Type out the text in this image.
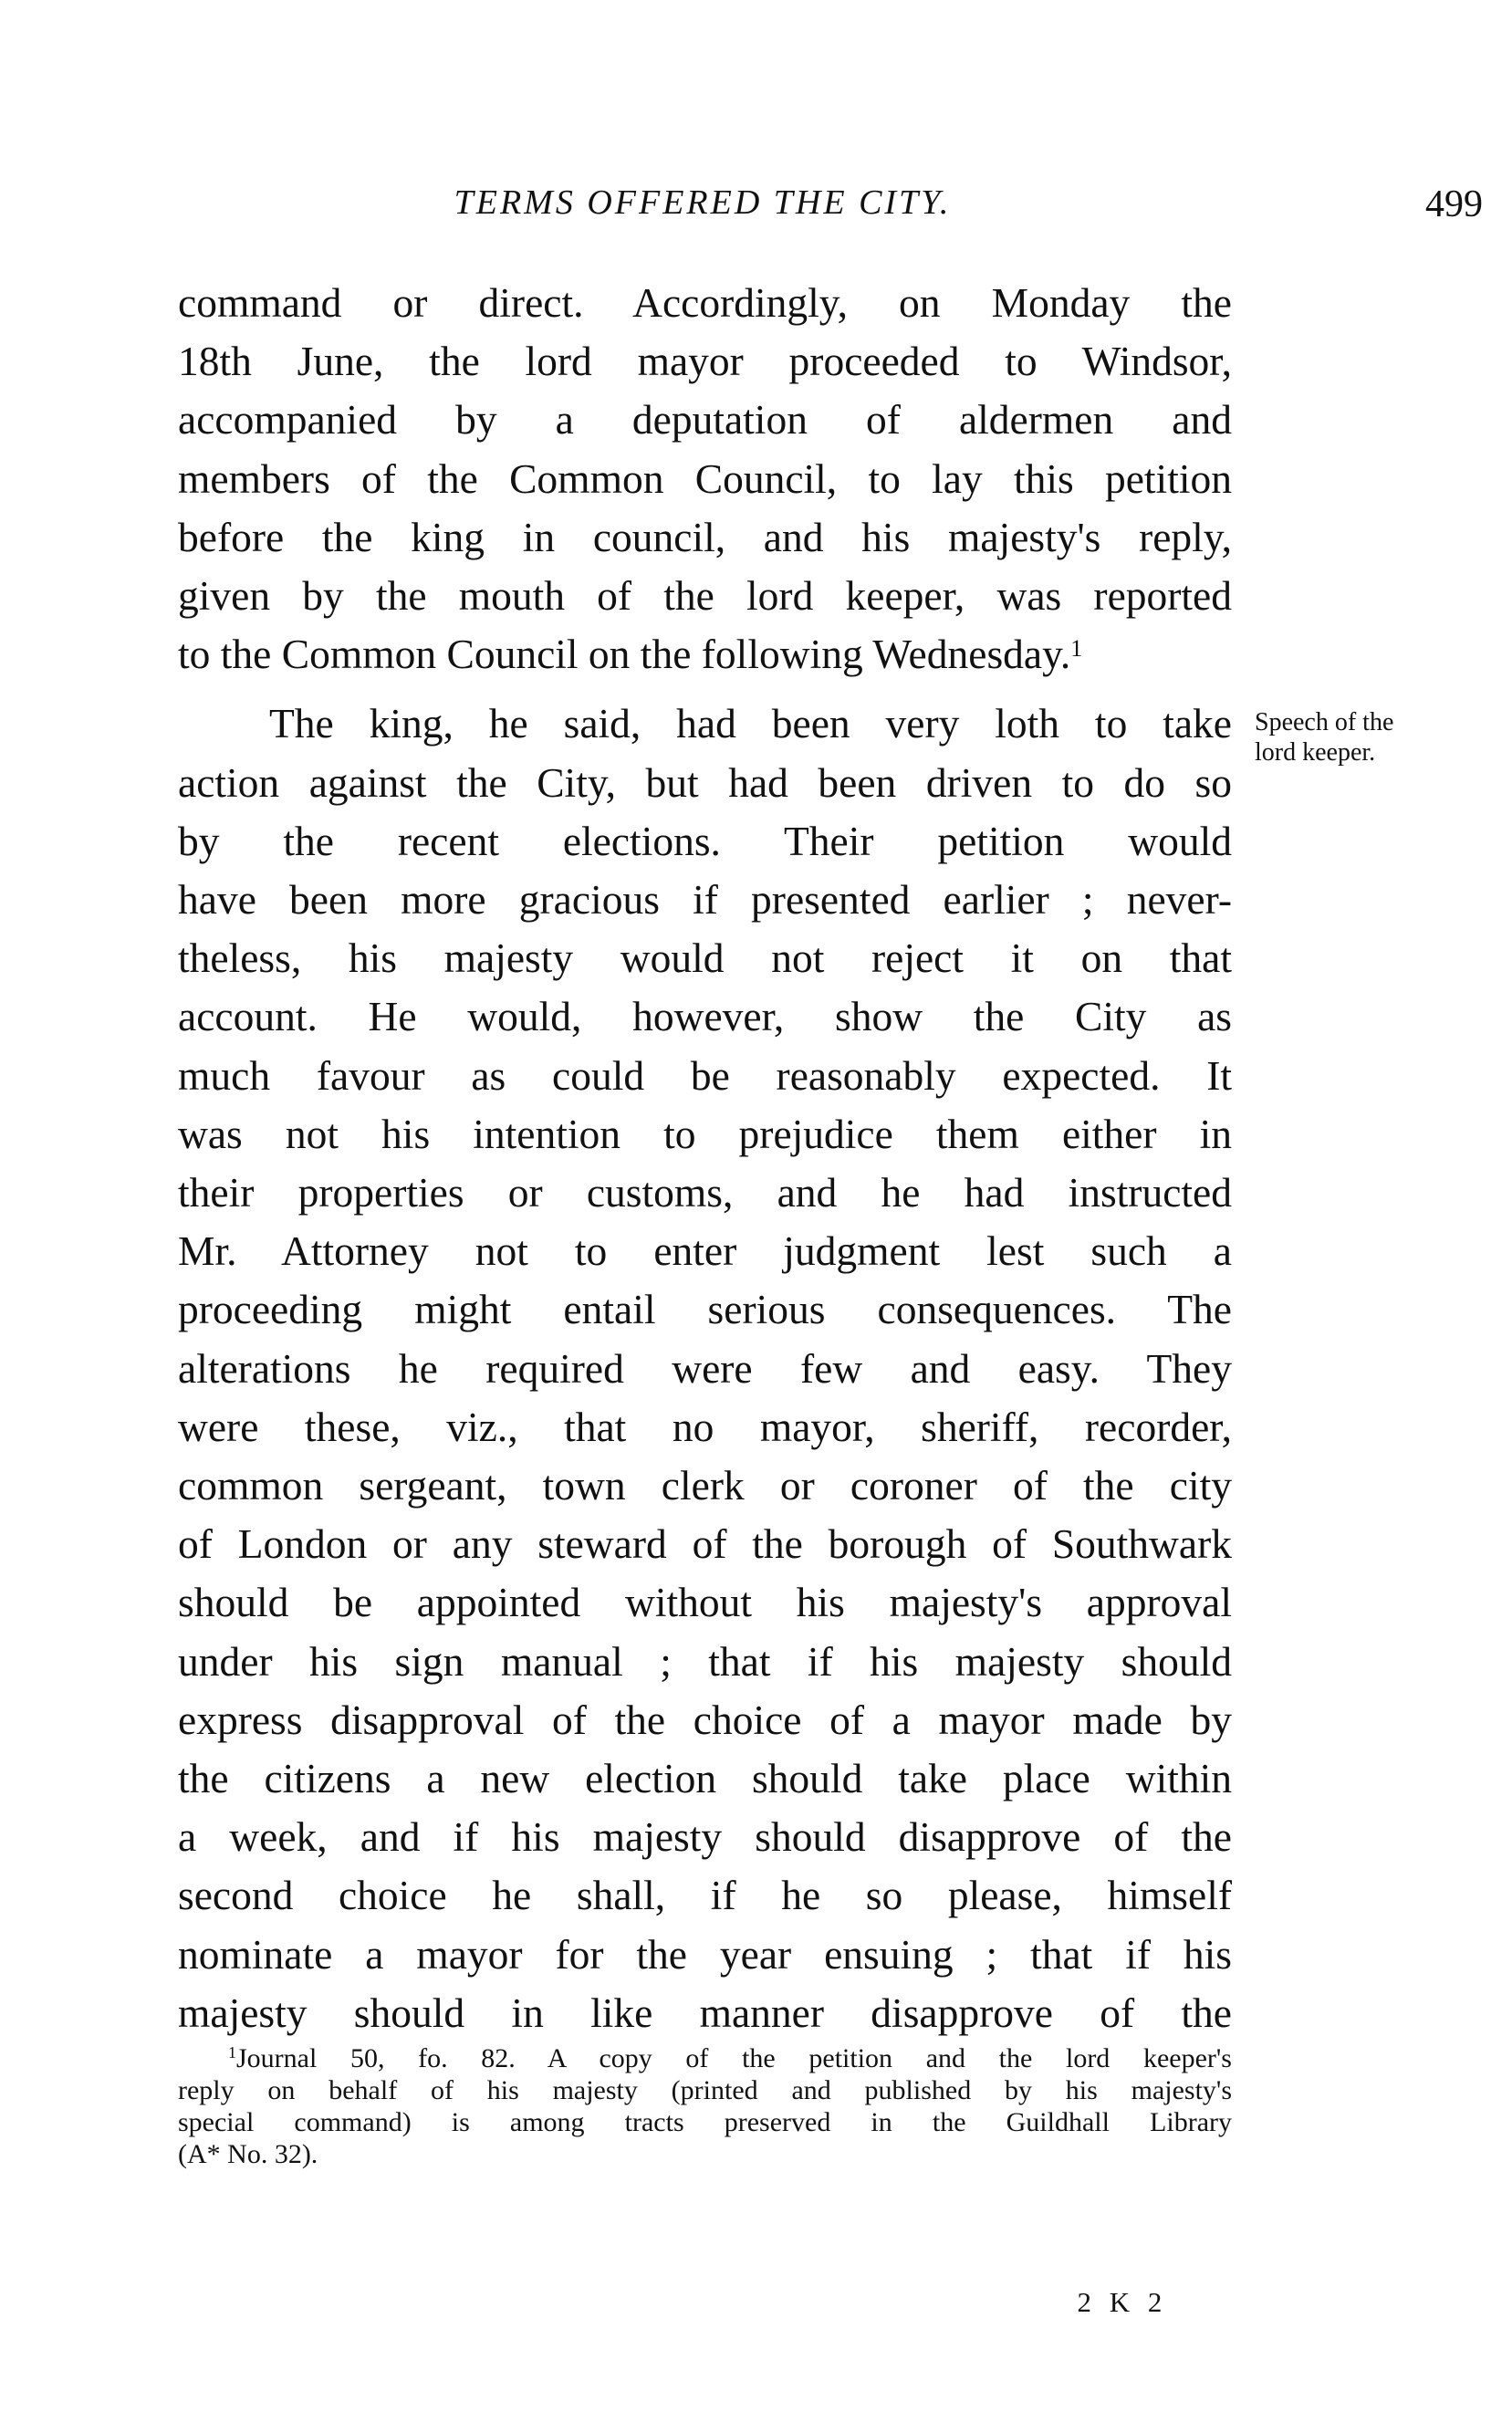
TERMS OFFERED THE CITY.	499

command or direct. Accordingly, on Monday the
18th June, the lord mayor proceeded to Windsor,
accompanied by a deputation of aldermen and
members of the Common Council, to lay this petition
before the king in council, and his majesty's reply,
given by the mouth of the lord keeper, was reported
to the Common Council on the following Wednesday.$^1$

The king, he said, had been very loth to take
action against the City, but had been driven to do so
by the recent elections. Their petition would
have been more gracious if presented earlier ; never-
theless, his majesty would not reject it on that
account. He would, however, show the City as
much favour as could be reasonably expected. It
was not his intention to prejudice them either in
their properties or customs, and he had instructed
Mr. Attorney not to enter judgment lest such a
proceeding might entail serious consequences. The
alterations he required were few and easy. They
were these, viz., that no mayor, sheriff, recorder,
common sergeant, town clerk or coroner of the city
of London or any steward of the borough of Southwark
should be appointed without his majesty's approval
under his sign manual ; that if his majesty should
express disapproval of the choice of a mayor made by
the citizens a new election should take place within
a week, and if his majesty should disapprove of the
second choice he shall, if he so please, himself
nominate a mayor for the year ensuing ; that if his
majesty should in like manner disapprove of the

Speech of the
lord keeper.
$^1$Journal 50, fo. 82. A copy of the petition and the lord keeper's
reply on behalf of his majesty (printed and published by his majesty's
special command) is among tracts preserved in the Guildhall Library
(A* No. 32).
2 K 2
